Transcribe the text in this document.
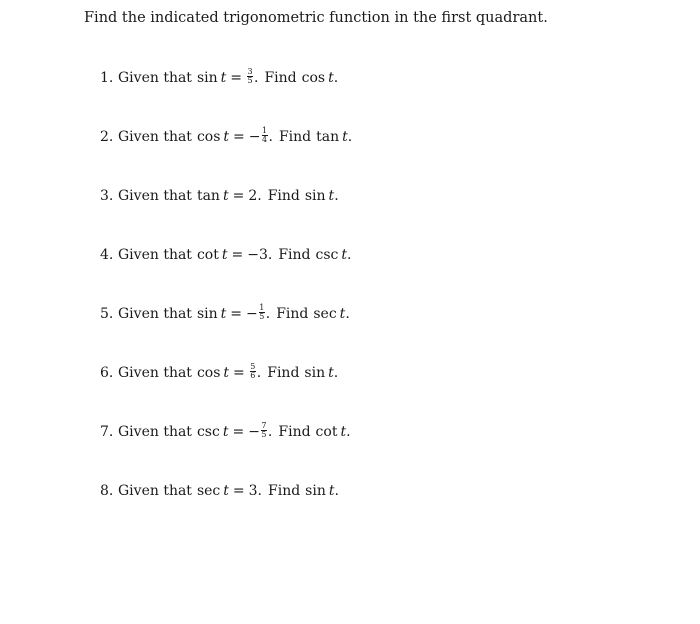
Find the indicated trigonometric function in the first quadrant.
1. Given that $\sin t = \frac{3}{5}$ . Find cos t .
2. Given that cos t = − $\frac{1}{4}$ . Find tan t .
3. Given that tan t = 2 . Find sin t .
4. Given that cot t = − 3 . Find csc t .
5. Given that sin t = − $\frac{1}{5}$ . Find sec t .
6. Given that $\cos t = \frac{5}{6}$ . Find sin t .
7. Given that csc t = − $\frac{7}{5}$ . Find cot t .
8. Given that sec t = 3 . Find sin t .
